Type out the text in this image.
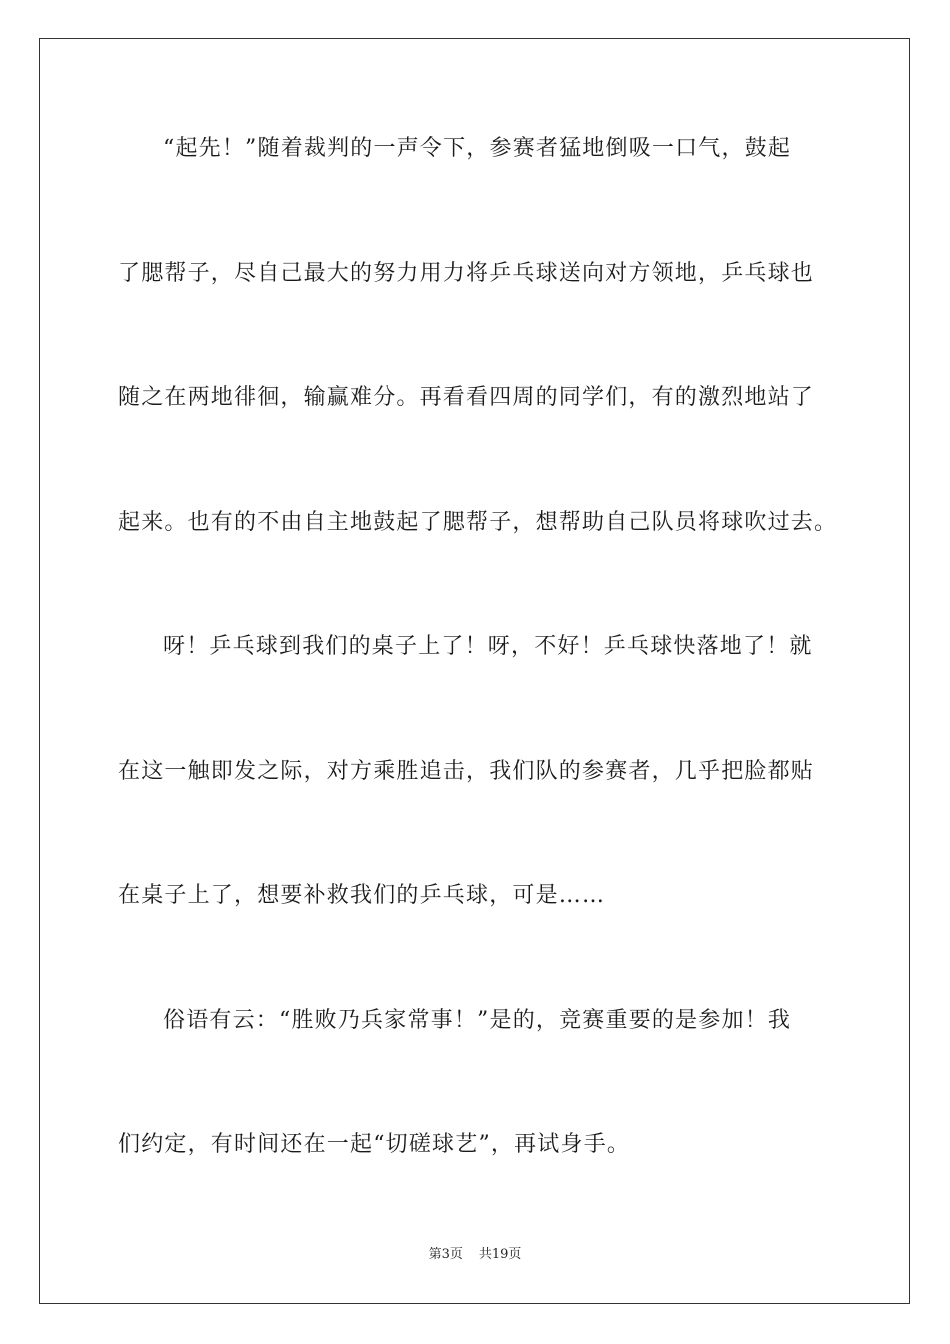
“起先！”随着裁判的一声令下，参赛者猛地倒吸一口气，鼓起
了腮帮子，尽自己最大的努力用力将乒乓球送向对方领地，乒乓球也
随之在两地徘徊，输赢难分。再看看四周的同学们，有的激烈地站了
起来。也有的不由自主地鼓起了腮帮子，想帮助自己队员将球吹过去。
呀！乒乓球到我们的桌子上了！呀，不好！乒乓球快落地了！就
在这一触即发之际，对方乘胜追击，我们队的参赛者，几乎把脸都贴
在桌子上了，想要补救我们的乒乓球，可是……
俗语有云：“胜败乃兵家常事！”是的，竞赛重要的是参加！我
们约定，有时间还在一起“切磋球艺”，再试身手。
第3页 共19页
